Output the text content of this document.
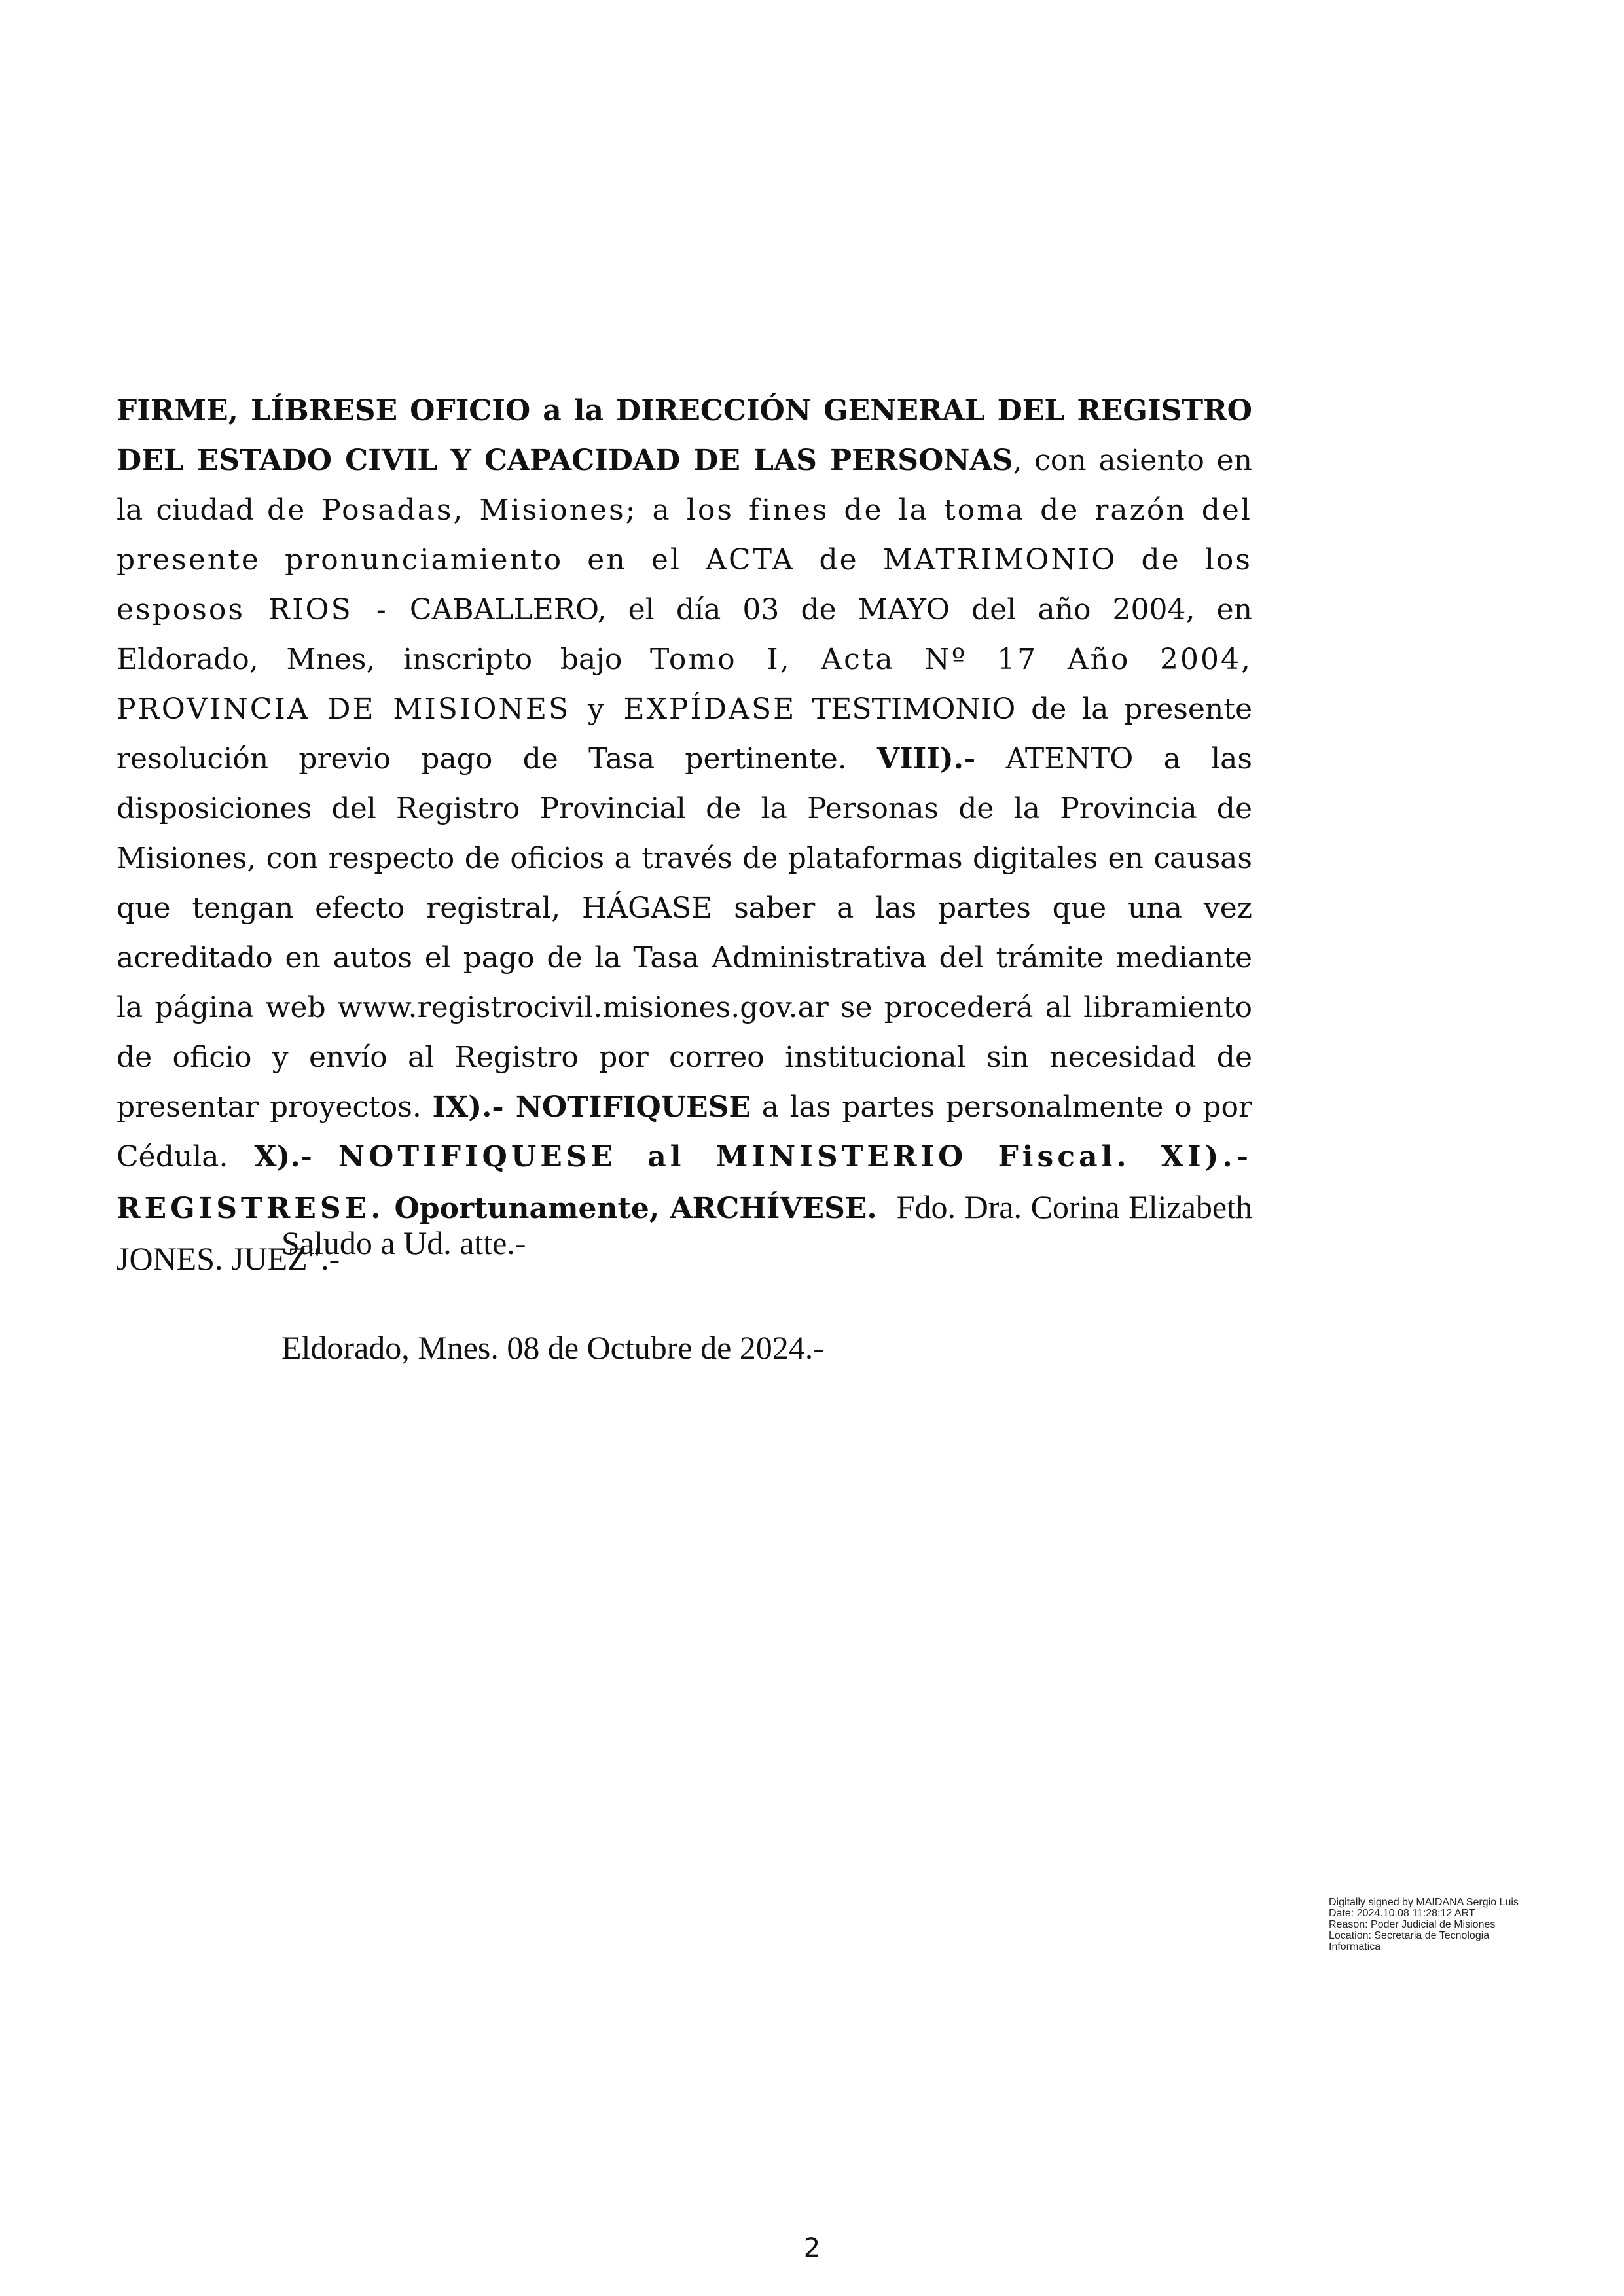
FIRME, LÍBRESE OFICIO a la DIRECCIÓN GENERAL DEL REGISTRO DEL ESTADO CIVIL Y CAPACIDAD DE LAS PERSONAS, con asiento en la ciudad de Posadas, Misiones; a los fines de la toma de razón del presente pronunciamiento en el ACTA de MATRIMONIO de los esposos RIOS - CABALLERO, el día 03 de MAYO del año 2004, en Eldorado, Mnes, inscripto bajo Tomo I, Acta Nº 17 Año 2004, PROVINCIA DE MISIONES y EXPÍDASE TESTIMONIO de la presente resolución previo pago de Tasa pertinente. VIII).- ATENTO a las disposiciones del Registro Provincial de la Personas de la Provincia de Misiones, con respecto de oficios a través de plataformas digitales en causas que tengan efecto registral, HÁGASE saber a las partes que una vez acreditado en autos el pago de la Tasa Administrativa del trámite mediante la página web www.registrocivil.misiones.gov.ar se procederá al libramiento de oficio y envío al Registro por correo institucional sin necesidad de presentar proyectos. IX).- NOTIFIQUESE a las partes personalmente o por Cédula. X).- NOTIFIQUESE al MINISTERIO Fiscal. XI).- REGISTRESE. Oportunamente, ARCHÍVESE. Fdo. Dra. Corina Elizabeth JONES. JUEZ".-

Saludo a Ud. atte.-

Eldorado, Mnes. 08 de Octubre de 2024.-

Digitally signed by MAIDANA Sergio Luis
Date: 2024.10.08 11:28:12 ART
Reason: Poder Judicial de Misiones
Location: Secretaria de Tecnologia
Informatica
2
